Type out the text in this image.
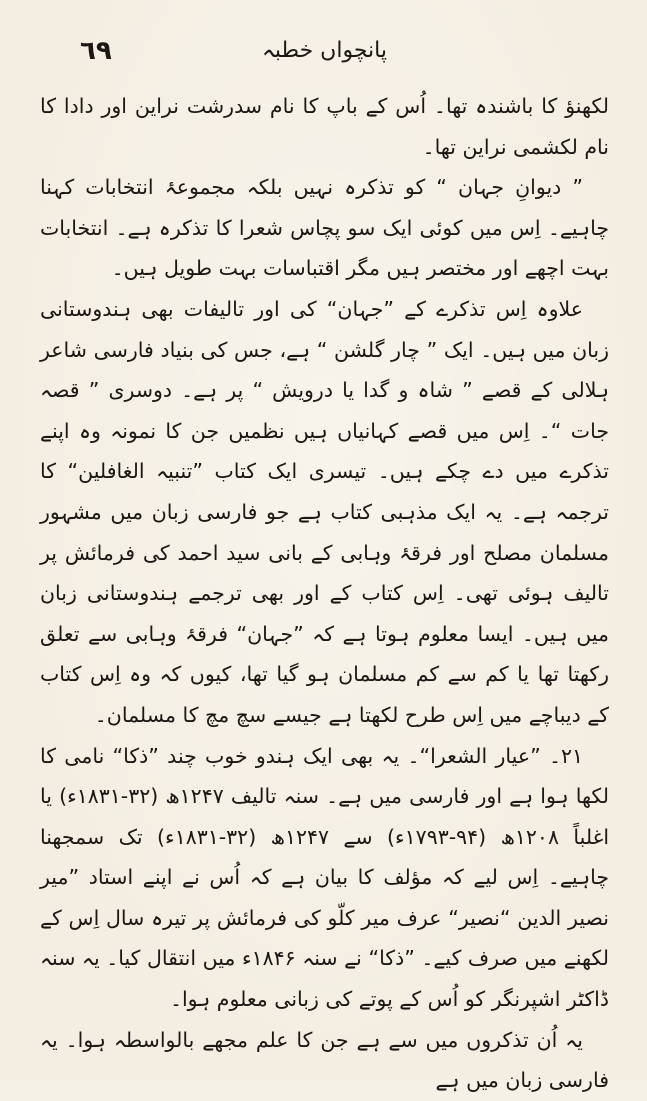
٦٩	پانچواں خطبہ

لکھنؤ کا باشندہ تھا۔ اُس کے باپ کا نام سدرشت نراین اور دادا کا نام لکشمی نراین تھا۔

” دیوانِ جہان “ کو تذکرہ نہیں بلکہ مجموعۂ انتخابات کہنا چاہیے۔ اِس میں کوئی ایک سو پچاس شعرا کا تذکرہ ہے۔ انتخابات بہت اچھے اور مختصر ہیں مگر اقتباسات بہت طویل ہیں۔

علاوہ اِس تذکرے کے ”جہان“ کی اور تالیفات بھی ہندوستانی زبان میں ہیں۔ ایک ” چار گلشن “ ہے، جس کی بنیاد فارسی شاعر ہلالی کے قصے ” شاہ و گدا یا درویش “ پر ہے۔ دوسری ” قصہ جات “۔ اِس میں قصے کہانیاں ہیں نظمیں جن کا نمونہ وہ اپنے تذکرے میں دے چکے ہیں۔ تیسری ایک کتاب ”تنبیہ الغافلین“ کا ترجمہ ہے۔ یہ ایک مذہبی کتاب ہے جو فارسی زبان میں مشہور مسلمان مصلح اور فرقۂ وہابی کے بانی سید احمد کی فرمائش پر تالیف ہوئی تھی۔ اِس کتاب کے اور بھی ترجمے ہندوستانی زبان میں ہیں۔ ایسا معلوم ہوتا ہے کہ ”جہان“ فرقۂ وہابی سے تعلق رکھتا تھا یا کم سے کم مسلمان ہو گیا تھا، کیوں کہ وہ اِس کتاب کے دیباچے میں اِس طرح لکھتا ہے جیسے سچ مچ کا مسلمان۔

۲۱۔ ”عیار الشعرا“۔ یہ بھی ایک ہندو خوب چند ”ذکا“ نامی کا لکھا ہوا ہے اور فارسی میں ہے۔ سنہ تالیف ۱۲۴۷ھ (۳۲-۱۸۳۱ء) یا اغلباً ۱۲۰۸ھ (۹۴-۱۷۹۳ء) سے ۱۲۴۷ھ (۳۲-۱۸۳۱ء) تک سمجھنا چاہیے۔ اِس لیے کہ مؤلف کا بیان ہے کہ اُس نے اپنے استاد ”میر نصیر الدین “نصیر“ عرف میر کلّو کی فرمائش پر تیرہ سال اِس کے لکھنے میں صرف کیے۔ ”ذکا“ نے سنہ ۱۸۴۶ء میں انتقال کیا۔ یہ سنہ ڈاکٹر اشپرنگر کو اُس کے پوتے کی زبانی معلوم ہوا۔

یہ اُن تذکروں میں سے ہے جن کا علم مجھے بالواسطہ ہوا۔ یہ فارسی زبان میں ہے
